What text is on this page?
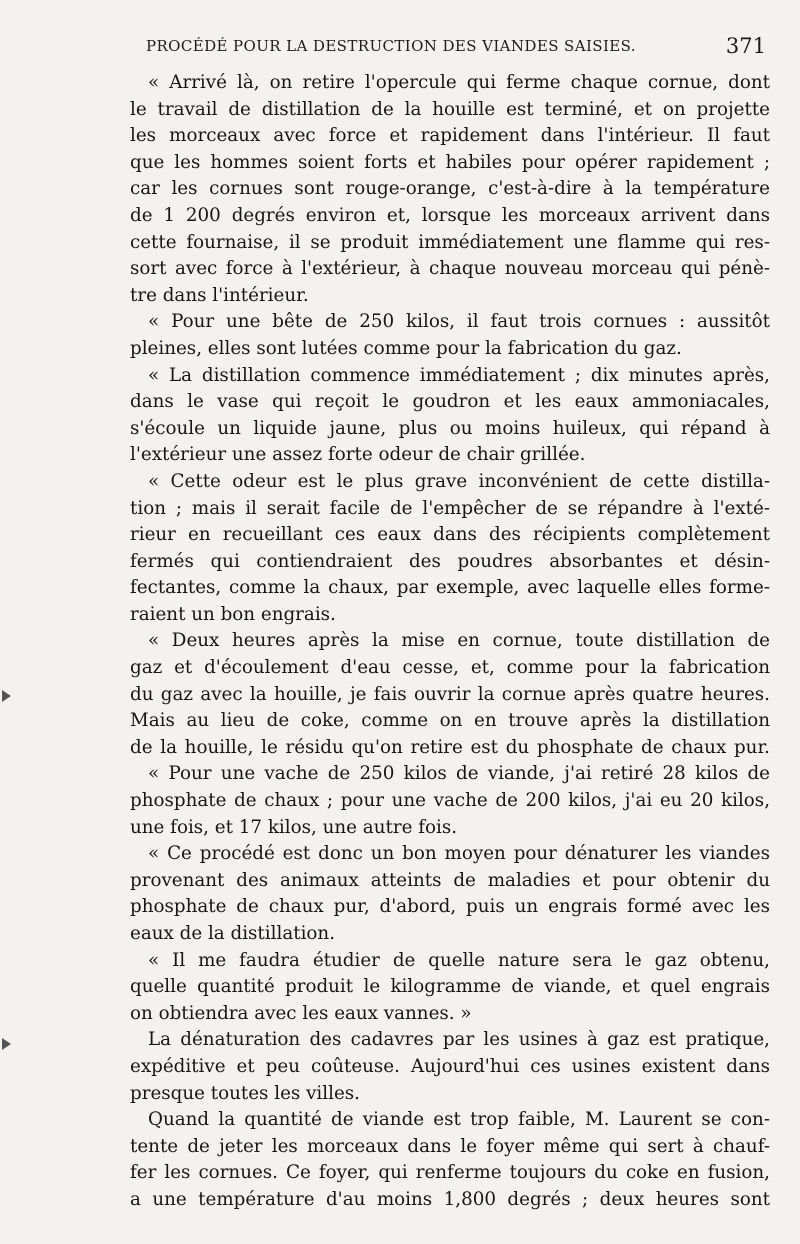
PROCÉDÉ POUR LA DESTRUCTION DES VIANDES SAISIES.	371
« Arrivé là, on retire l'opercule qui ferme chaque cornue, dont
le travail de distillation de la houille est terminé, et on projette
les morceaux avec force et rapidement dans l'intérieur. Il faut
que les hommes soient forts et habiles pour opérer rapidement ;
car les cornues sont rouge-orange, c'est-à-dire à la température
de 1 200 degrés environ et, lorsque les morceaux arrivent dans
cette fournaise, il se produit immédiatement une flamme qui res-
sort avec force à l'extérieur, à chaque nouveau morceau qui pénè-
tre dans l'intérieur.
« Pour une bête de 250 kilos, il faut trois cornues : aussitôt
pleines, elles sont lutées comme pour la fabrication du gaz.
« La distillation commence immédiatement ; dix minutes après,
dans le vase qui reçoit le goudron et les eaux ammoniacales,
s'écoule un liquide jaune, plus ou moins huileux, qui répand à
l'extérieur une assez forte odeur de chair grillée.
« Cette odeur est le plus grave inconvénient de cette distilla-
tion ; mais il serait facile de l'empêcher de se répandre à l'exté-
rieur en recueillant ces eaux dans des récipients complètement
fermés qui contiendraient des poudres absorbantes et désin-
fectantes, comme la chaux, par exemple, avec laquelle elles forme-
raient un bon engrais.
« Deux heures après la mise en cornue, toute distillation de
gaz et d'écoulement d'eau cesse, et, comme pour la fabrication
du gaz avec la houille, je fais ouvrir la cornue après quatre heures.
Mais au lieu de coke, comme on en trouve après la distillation
de la houille, le résidu qu'on retire est du phosphate de chaux pur.
« Pour une vache de 250 kilos de viande, j'ai retiré 28 kilos de
phosphate de chaux ; pour une vache de 200 kilos, j'ai eu 20 kilos,
une fois, et 17 kilos, une autre fois.
« Ce procédé est donc un bon moyen pour dénaturer les viandes
provenant des animaux atteints de maladies et pour obtenir du
phosphate de chaux pur, d'abord, puis un engrais formé avec les
eaux de la distillation.
« Il me faudra étudier de quelle nature sera le gaz obtenu,
quelle quantité produit le kilogramme de viande, et quel engrais
on obtiendra avec les eaux vannes. »
La dénaturation des cadavres par les usines à gaz est pratique,
expéditive et peu coûteuse. Aujourd'hui ces usines existent dans
presque toutes les villes.
Quand la quantité de viande est trop faible, M. Laurent se con-
tente de jeter les morceaux dans le foyer même qui sert à chauf-
fer les cornues. Ce foyer, qui renferme toujours du coke en fusion,
a une température d'au moins 1,800 degrés ; deux heures sont
